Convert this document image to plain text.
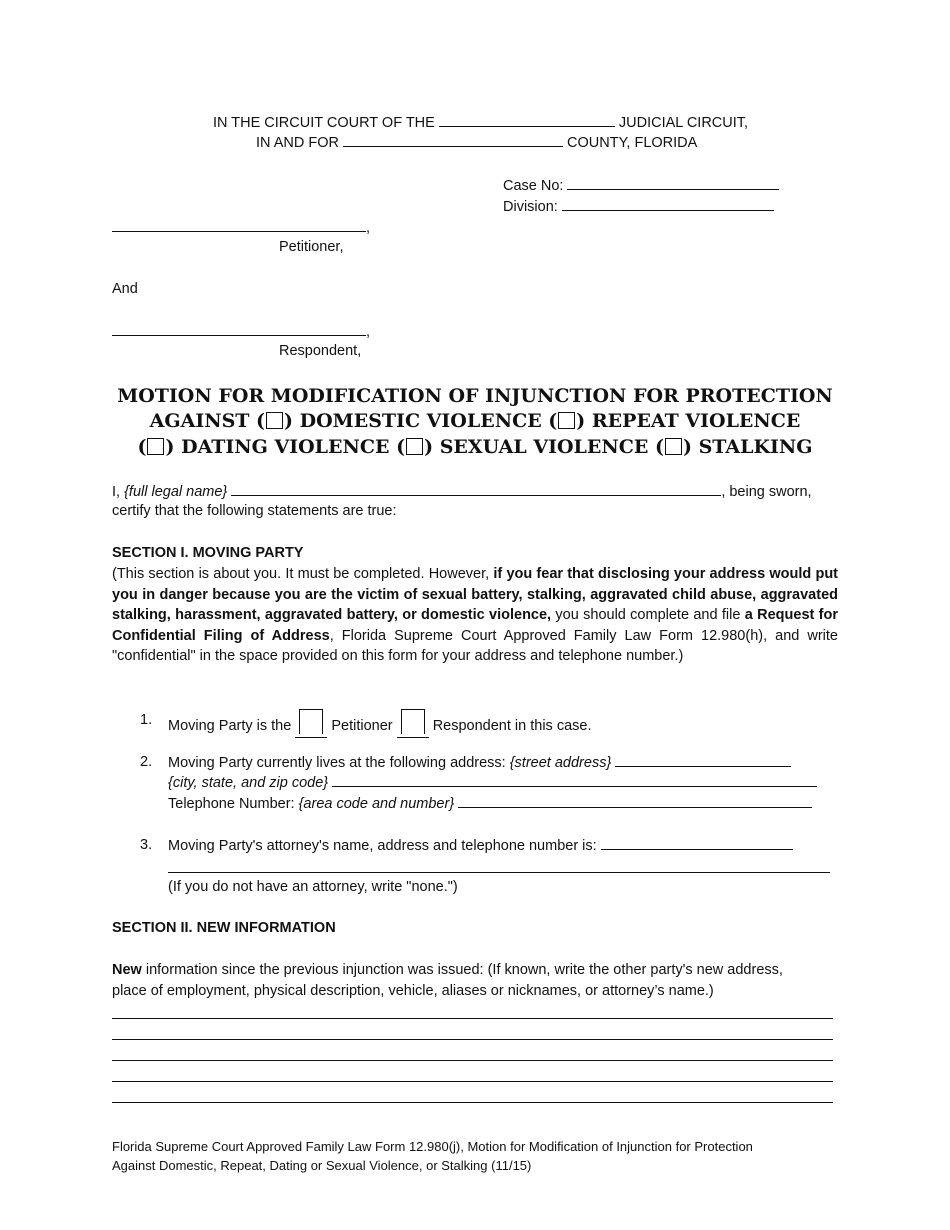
IN THE CIRCUIT COURT OF THE	JUDICIAL CIRCUIT,
IN AND FOR	COUNTY, FLORIDA
Case No:
Division:
,
Petitioner,
And
,
Respondent,
MOTION FOR MODIFICATION OF INJUNCTION FOR PROTECTION
AGAINST ( ) DOMESTIC VIOLENCE ( ) REPEAT VIOLENCE
( ) DATING VIOLENCE ( ) SEXUAL VIOLENCE ( ) STALKING
I, {full legal name}	, being sworn,
certify that the following statements are true:
SECTION I. MOVING PARTY
(This section is about you. It must be completed. However, if you fear that disclosing your address would put you in danger because you are the victim of sexual battery, stalking, aggravated child abuse, aggravated stalking, harassment, aggravated battery, or domestic violence, you should complete and file a Request for Confidential Filing of Address, Florida Supreme Court Approved Family Law Form 12.980(h), and write "confidential" in the space provided on this form for your address and telephone number.)
1. Moving Party is the	Petitioner	Respondent in this case.
2. Moving Party currently lives at the following address: {street address}
{city, state, and zip code}
Telephone Number: {area code and number}
3. Moving Party's attorney's name, address and telephone number is:
(If you do not have an attorney, write "none.")
SECTION II. NEW INFORMATION
New information since the previous injunction was issued: (If known, write the other party's new address,
place of employment, physical description, vehicle, aliases or nicknames, or attorney’s name.)
Florida Supreme Court Approved Family Law Form 12.980(j), Motion for Modification of Injunction for Protection
Against Domestic, Repeat, Dating or Sexual Violence, or Stalking (11/15)
